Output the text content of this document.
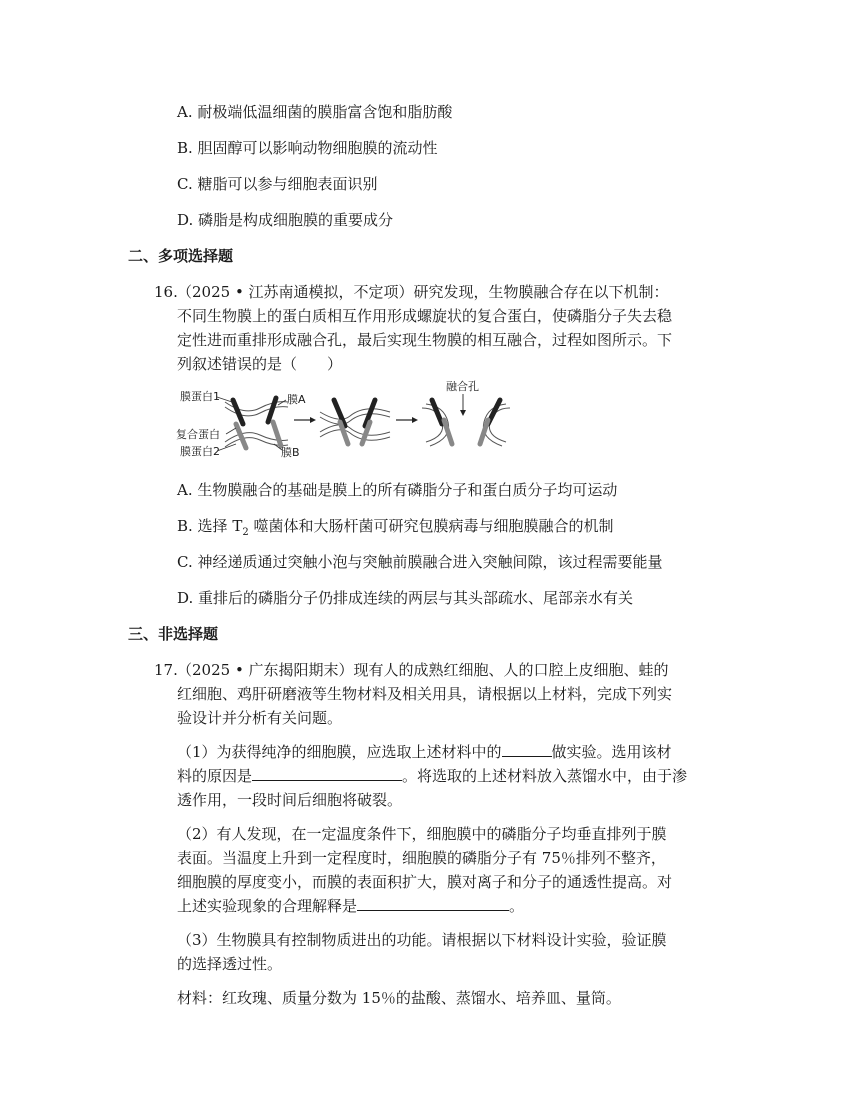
A. 耐极端低温细菌的膜脂富含饱和脂肪酸
B. 胆固醇可以影响动物细胞膜的流动性
C. 糖脂可以参与细胞表面识别
D. 磷脂是构成细胞膜的重要成分
二、多项选择题
16. （2025 • 江苏南通模拟，不定项）研究发现，生物膜融合存在以下机制：
不同生物膜上的蛋白质相互作用形成螺旋状的复合蛋白，使磷脂分子失去稳
定性进而重排形成融合孔，最后实现生物膜的相互融合，过程如图所示。下
列叙述错误的是（　　）
膜蛋白1	膜A
复合蛋白
膜蛋白2	膜B
融合孔
A. 生物膜融合的基础是膜上的所有磷脂分子和蛋白质分子均可运动
B. 选择 $T_2$ 噬菌体和大肠杆菌可研究包膜病毒与细胞膜融合的机制
C. 神经递质通过突触小泡与突触前膜融合进入突触间隙，该过程需要能量
D. 重排后的磷脂分子仍排成连续的两层与其头部疏水、尾部亲水有关
三、非选择题
17. （2025 • 广东揭阳期末）现有人的成熟红细胞、人的口腔上皮细胞、蛙的
红细胞、鸡肝研磨液等生物材料及相关用具，请根据以上材料，完成下列实
验设计并分析有关问题。
（1）为获得纯净的细胞膜，应选取上述材料中的	做实验。选用该材
料的原因是	。将选取的上述材料放入蒸馏水中，由于渗
透作用，一段时间后细胞将破裂。
（2）有人发现，在一定温度条件下，细胞膜中的磷脂分子均垂直排列于膜
表面。当温度上升到一定程度时，细胞膜的磷脂分子有 75％排列不整齐，
细胞膜的厚度变小，而膜的表面积扩大，膜对离子和分子的通透性提高。对
上述实验现象的合理解释是	。
（3）生物膜具有控制物质进出的功能。请根据以下材料设计实验，验证膜
的选择透过性。
材料：红玫瑰、质量分数为 15％的盐酸、蒸馏水、培养皿、量筒。
